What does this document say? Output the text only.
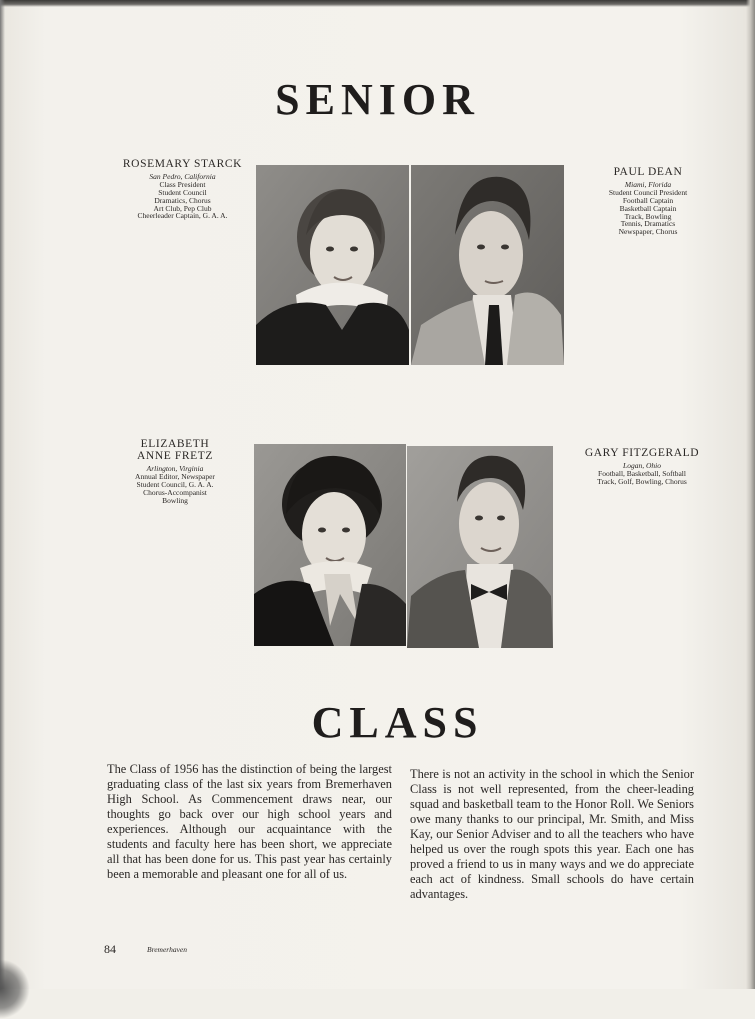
SENIOR
ROSEMARY STARCK
San Pedro, California
Class President
Student Council
Dramatics, Chorus
Art Club, Pep Club
Cheerleader Captain, G. A. A.
PAUL DEAN
Miami, Florida
Student Council President
Football Captain
Basketball Captain
Track, Bowling
Tennis, Dramatics
Newspaper, Chorus
ELIZABETH
ANNE FRETZ
Arlington, Virginia
Annual Editor, Newspaper
Student Council, G. A. A.
Chorus-Accompanist
Bowling
GARY FITZGERALD
Logan, Ohio
Football, Basketball, Softball
Track, Golf, Bowling, Chorus
CLASS
The Class of 1956 has the distinction of being the largest graduating class of the last six years from Bremerhaven High School. As Commencement draws near, our thoughts go back over our high school years and experiences. Although our acquaintance with the students and faculty here has been short, we appreciate all that has been done for us. This past year has certainly been a memorable and pleasant one for all of us.
There is not an activity in the school in which the Senior Class is not well represented, from the cheer-leading squad and basketball team to the Honor Roll. We Seniors owe many thanks to our principal, Mr. Smith, and Miss Kay, our Senior Adviser and to all the teachers who have helped us over the rough spots this year. Each one has proved a friend to us in many ways and we do appreciate each act of kindness. Small schools do have certain advantages.
84	Bremerhaven
